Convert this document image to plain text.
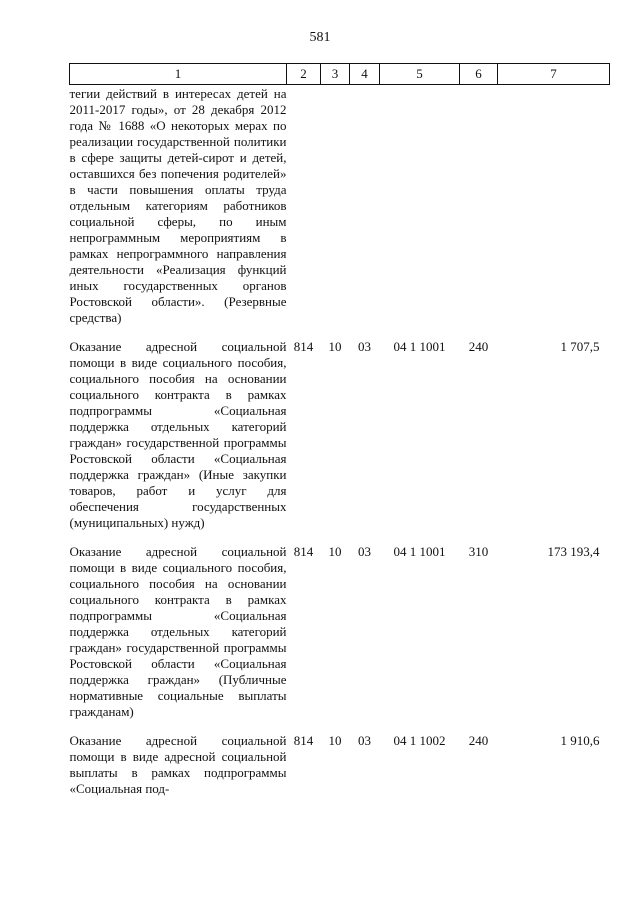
581
1	2	3	4	5	6	7
тегии действий в интересах детей на 2011-2017 годы», от 28 декабря 2012 года № 1688 «О некоторых мерах по реализации государственной политики в сфере защиты детей-сирот и детей, оставшихся без попечения родителей» в части повышения оплаты труда отдельным категориям работников социальной сферы, по иным непрограммным мероприятиям в рамках непрограммного направления деятельности «Реализация функций иных государственных органов Ростовской области». (Резервные средства)						
Оказание адресной социальной помощи в виде социального пособия, социального пособия на основании социального контракта в рамках подпрограммы «Социальная поддержка отдельных категорий граждан» государственной программы Ростовской области «Социальная поддержка граждан» (Иные закупки товаров, работ и услуг для обеспечения государственных (муниципальных) нужд)	814	10	03	04 1 1001	240	1 707,5
Оказание адресной социальной помощи в виде социального пособия, социального пособия на основании социального контракта в рамках подпрограммы «Социальная поддержка отдельных категорий граждан» государственной программы Ростовской области «Социальная поддержка граждан» (Публичные нормативные социальные выплаты гражданам)	814	10	03	04 1 1001	310	173 193,4
Оказание адресной социальной помощи в виде адресной социальной выплаты в рамках подпрограммы «Социальная под-	814	10	03	04 1 1002	240	1 910,6
